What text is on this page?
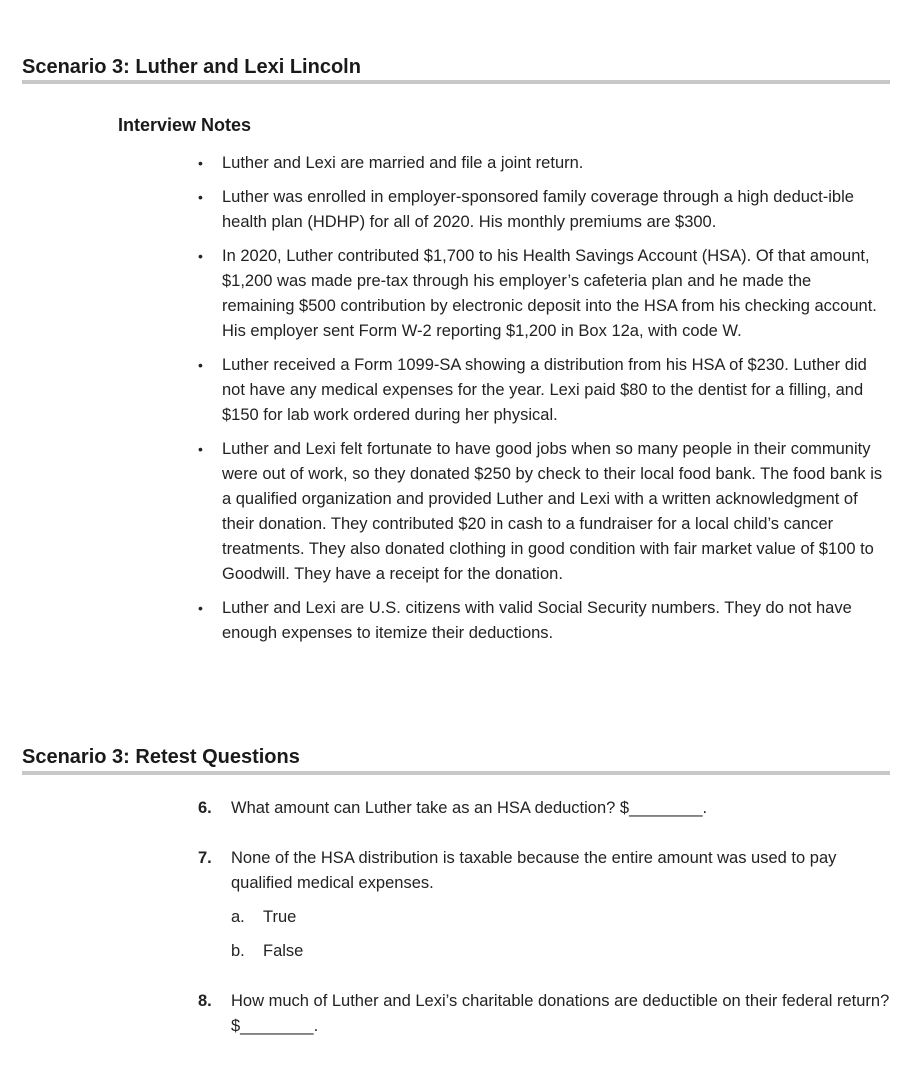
Scenario 3: Luther and Lexi Lincoln
Interview Notes
•	Luther and Lexi are married and file a joint return.
•	Luther was enrolled in employer-sponsored family coverage through a high deduct-ible health plan (HDHP) for all of 2020. His monthly premiums are $300.
•	In 2020, Luther contributed $1,700 to his Health Savings Account (HSA). Of that amount, $1,200 was made pre-tax through his employer’s cafeteria plan and he made the remaining $500 contribution by electronic deposit into the HSA from his checking account. His employer sent Form W-2 reporting $1,200 in Box 12a, with code W.
•	Luther received a Form 1099-SA showing a distribution from his HSA of $230. Luther did not have any medical expenses for the year. Lexi paid $80 to the dentist for a filling, and $150 for lab work ordered during her physical.
•	Luther and Lexi felt fortunate to have good jobs when so many people in their community were out of work, so they donated $250 by check to their local food bank. The food bank is a qualified organization and provided Luther and Lexi with a written acknowledgment of their donation. They contributed $20 in cash to a fundraiser for a local child’s cancer treatments. They also donated clothing in good condition with fair market value of $100 to Goodwill. They have a receipt for the donation.
•	Luther and Lexi are U.S. citizens with valid Social Security numbers. They do not have enough expenses to itemize their deductions.
Scenario 3: Retest Questions
6. What amount can Luther take as an HSA deduction? $________.
7. None of the HSA distribution is taxable because the entire amount was used to pay qualified medical expenses.
a. True
b. False
8. How much of Luther and Lexi’s charitable donations are deductible on their federal return? $________.
